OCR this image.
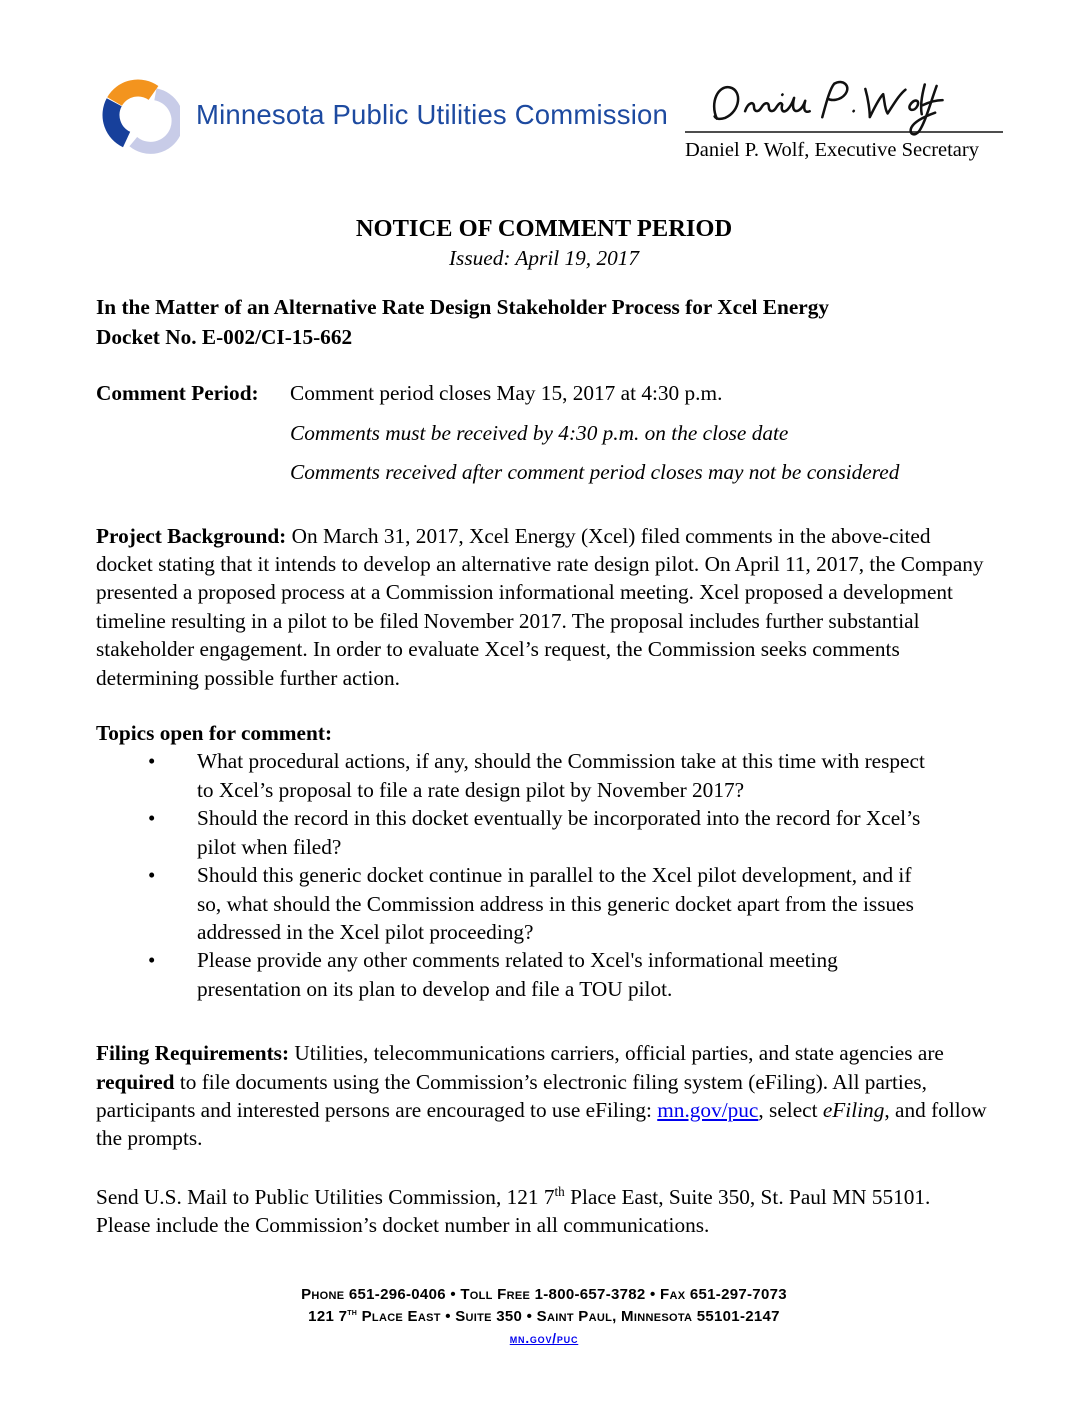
Minnesota Public Utilities Commission
Daniel P. Wolf, Executive Secretary
NOTICE OF COMMENT PERIOD
Issued: April 19, 2017
In the Matter of an Alternative Rate Design Stakeholder Process for Xcel Energy
Docket No. E-002/CI-15-662
Comment Period:	Comment period closes May 15, 2017 at 4:30 p.m.

Comments must be received by 4:30 p.m. on the close date

Comments received after comment period closes may not be considered

Project Background: On March 31, 2017, Xcel Energy (Xcel) filed comments in the above-cited docket stating that it intends to develop an alternative rate design pilot. On April 11, 2017, the Company presented a proposed process at a Commission informational meeting. Xcel proposed a development timeline resulting in a pilot to be filed November 2017. The proposal includes further substantial stakeholder engagement. In order to evaluate Xcel’s request, the Commission seeks comments determining possible further action.

Topics open for comment:
• What procedural actions, if any, should the Commission take at this time with respect to Xcel’s proposal to file a rate design pilot by November 2017?
• Should the record in this docket eventually be incorporated into the record for Xcel’s pilot when filed?
• Should this generic docket continue in parallel to the Xcel pilot development, and if so, what should the Commission address in this generic docket apart from the issues addressed in the Xcel pilot proceeding?
• Please provide any other comments related to Xcel's informational meeting presentation on its plan to develop and file a TOU pilot.

Filing Requirements: Utilities, telecommunications carriers, official parties, and state agencies are required to file documents using the Commission’s electronic filing system (eFiling). All parties, participants and interested persons are encouraged to use eFiling: mn.gov/puc, select eFiling, and follow the prompts.

Send U.S. Mail to Public Utilities Commission, 121 7th Place East, Suite 350, St. Paul MN 55101. Please include the Commission’s docket number in all communications.

Phone 651-296-0406 • Toll Free 1-800-657-3782 • Fax 651-297-7073
121 7th Place East • Suite 350 • Saint Paul, Minnesota 55101-2147
mn.gov/puc
